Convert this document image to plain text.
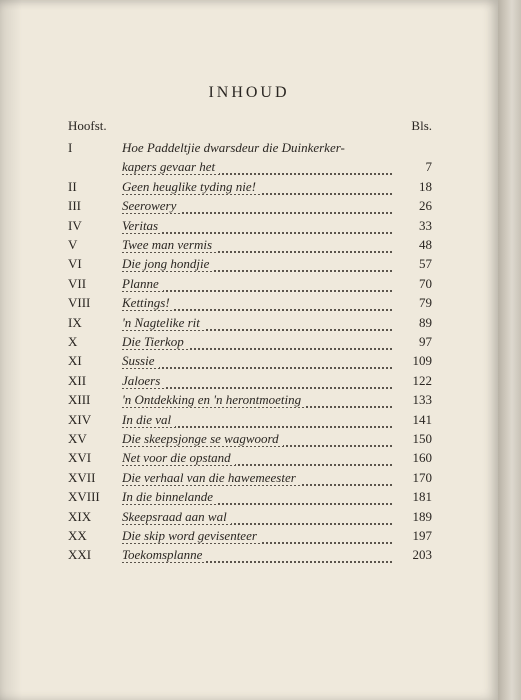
INHOUD
Hoofst.	Bls.
I	Hoe Paddeltjie dwarsdeur die Duinkerker-
kapers gevaar het	7
II	Geen heuglike tyding nie!	18
III	Seerowery	26
IV	Veritas	33
V	Twee man vermis	48
VI	Die jong hondjie	57
VII	Planne	70
VIII Kettings!	79
IX	'n Nagtelike rit	89
X	Die Tierkop	97
XI	Sussie	109
XII	Jaloers	122
XIII 'n Ontdekking en 'n herontmoeting	133
XIV In die val	141
XV	Die skeepsjonge se wagwoord	150
XVI Net voor die opstand	160
XVII Die verhaal van die hawemeester	170
XVIII In die binnelande	181
XIX Skeepsraad aan wal	189
XX	Die skip word gevisenteer	197
XXI Toekomsplanne	203
